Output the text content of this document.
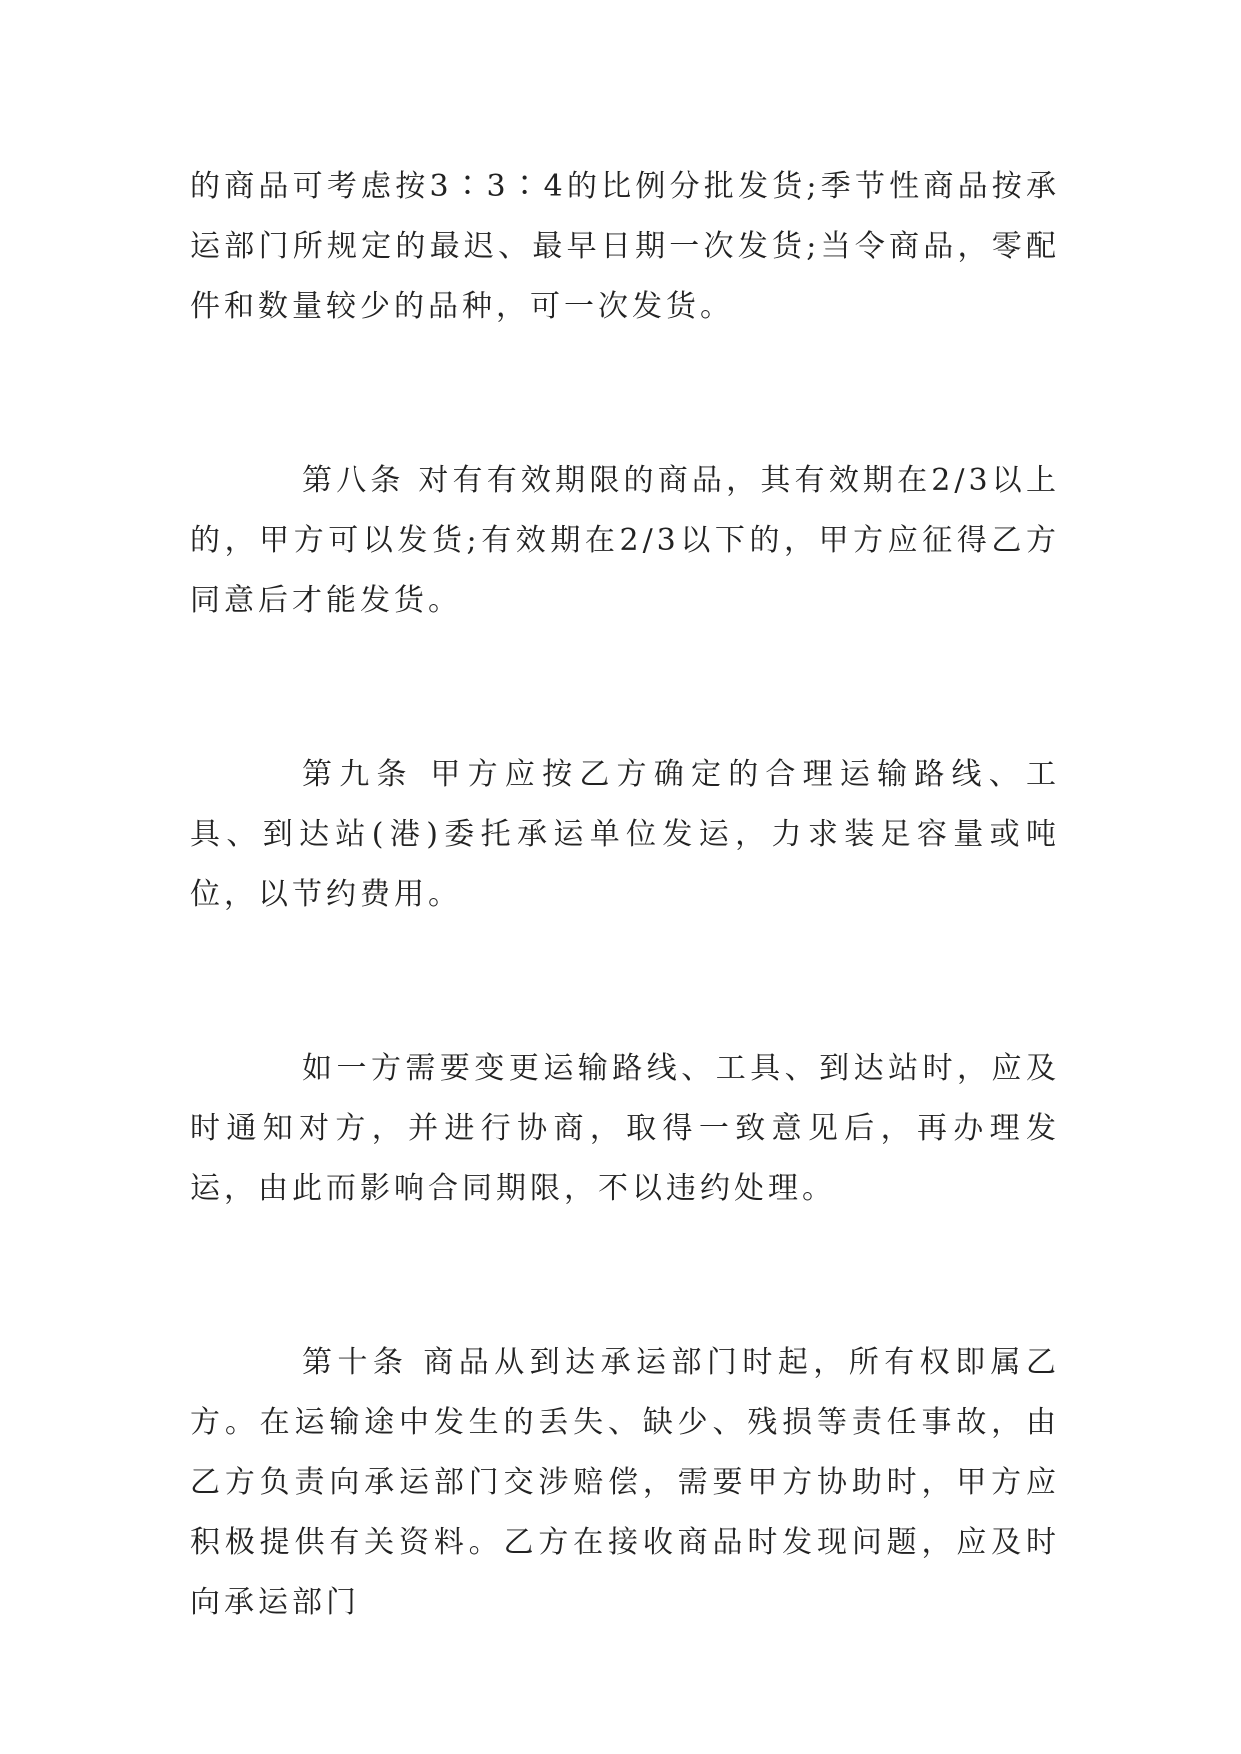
的商品可考虑按3∶3∶4的比例分批发货;季节性商品按承运部门所规定的最迟、最早日期一次发货;当令商品，零配件和数量较少的品种，可一次发货。

第八条 对有有效期限的商品，其有效期在2/3以上的，甲方可以发货;有效期在2/3以下的，甲方应征得乙方同意后才能发货。

第九条 甲方应按乙方确定的合理运输路线、工具、到达站(港)委托承运单位发运，力求装足容量或吨位，以节约费用。

如一方需要变更运输路线、工具、到达站时，应及时通知对方，并进行协商，取得一致意见后，再办理发运，由此而影响合同期限，不以违约处理。

第十条 商品从到达承运部门时起，所有权即属乙方。在运输途中发生的丢失、缺少、残损等责任事故，由乙方负责向承运部门交涉赔偿，需要甲方协助时，甲方应积极提供有关资料。乙方在接收商品时发现问题，应及时向承运部门
